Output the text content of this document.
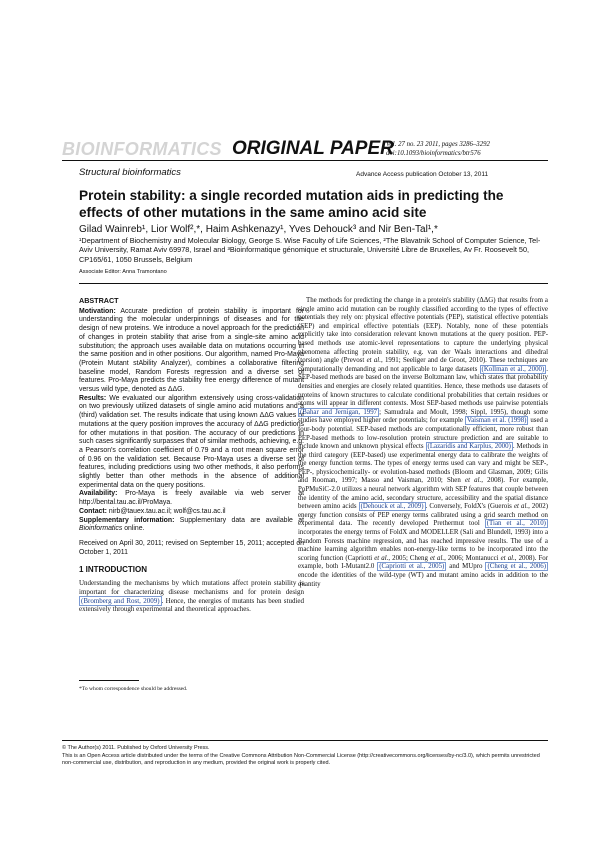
BIOINFORMATICS ORIGINAL PAPER
Vol. 27 no. 23 2011, pages 3286–3292
doi:10.1093/bioinformatics/btr576
Structural bioinformatics	Advance Access publication October 13, 2011
Protein stability: a single recorded mutation aids in predicting the effects of other mutations in the same amino acid site
Gilad Wainreb¹, Lior Wolf²,*, Haim Ashkenazy¹, Yves Dehouck³ and Nir Ben-Tal¹,*
¹Department of Biochemistry and Molecular Biology, George S. Wise Faculty of Life Sciences, ²The Blavatnik School of Computer Science, Tel-Aviv University, Ramat Aviv 69978, Israel and ³Bioinformatique génomique et structurale, Université Libre de Bruxelles, Av Fr. Roosevelt 50, CP165/61, 1050 Brussels, Belgium
Associate Editor: Anna Tramontano

ABSTRACT

Motivation: Accurate prediction of protein stability is important for understanding the molecular underpinnings of diseases and for the design of new proteins. We introduce a novel approach for the prediction of changes in protein stability that arise from a single-site amino acid substitution; the approach uses available data on mutations occurring in the same position and in other positions. Our algorithm, named Pro-Maya (Protein Mutant stAbility Analyzer), combines a collaborative filtering baseline model, Random Forests regression and a diverse set of features. Pro-Maya predicts the stability free energy difference of mutant versus wild type, denoted as ΔΔG.

Results: We evaluated our algorithm extensively using cross-validation on two previously utilized datasets of single amino acid mutations and a (third) validation set. The results indicate that using known ΔΔG values of mutations at the query position improves the accuracy of ΔΔG predictions for other mutations in that position. The accuracy of our predictions in such cases significantly surpasses that of similar methods, achieving, e.g. a Pearson's correlation coefficient of 0.79 and a root mean square error of 0.96 on the validation set. Because Pro-Maya uses a diverse set of features, including predictions using two other methods, it also performs slightly better than other methods in the absence of additional experimental data on the query positions.

Availability: Pro-Maya is freely available via web server at http://bental.tau.ac.il/ProMaya.

Contact: nirb@tauex.tau.ac.il; wolf@cs.tau.ac.il

Supplementary information: Supplementary data are available at Bioinformatics online.

Received on April 30, 2011; revised on September 15, 2011; accepted on October 1, 2011

1 INTRODUCTION

Understanding the mechanisms by which mutations affect protein stability is important for characterizing disease mechanisms and for protein design (Bromberg and Rost, 2009) . Hence, the energies of mutants has been studied extensively through experimental and theoretical approaches.

*To whom correspondence should be addressed.

The methods for predicting the change in a protein's stability (ΔΔG) that results from a single amino acid mutation can be roughly classified according to the types of effective potentials they rely on: physical effective potentials (PEP), statistical effective potentials (SEP) and empirical effective potentials (EEP). Notably, none of these potentials explicitly take into consideration relevant known mutations at the query position. PEP-based methods use atomic-level representations to capture the underlying physical phenomena affecting protein stability, e.g. van der Waals interactions and dihedral (torsion) angle (Prevost et al., 1991; Seeliger and de Groot, 2010). These techniques are computationally demanding and not applicable to large datasets (Kollman et al., 2000) . SEP-based methods are based on the inverse Boltzmann law, which states that probability densities and energies are closely related quantities. Hence, these methods use datasets of proteins of known structures to calculate conditional probabilities that certain residues or atoms will appear in different contexts. Most SEP-based methods use pairwise potentials (Bahar and Jernigan, 1997 ; Samudrala and Moult, 1998; Sippl, 1995), though some studies have employed higher order potentials; for example Vaisman et al. (1998) used a four-body potential. SEP-based methods are computationally efficient, more robust than PEP-based methods to low-resolution protein structure prediction and are suitable to include known and unknown physical effects (Lazaridis and Karplus, 2000) . Methods in the third category (EEP-based) use experimental energy data to calibrate the weights of the energy function terms. The types of energy terms used can vary and might be SEP-, PEP-, physicochemically- or evolution-based methods (Bloom and Glasman, 2009; Gilis and Rooman, 1997; Masso and Vaisman, 2010; Shen et al., 2008). For example, PoPMuSiC-2.0 utilizes a neural network algorithm with SEP features that couple between the identity of the amino acid, secondary structure, accessibility and the spatial distance between amino acids (Dehouck et al., 2009) . Conversely, FoldX's (Guerois et al., 2002) energy function consists of PEP energy terms calibrated using a grid search method on experimental data. The recently developed Prethermut tool (Tian et al., 2010) incorporates the energy terms of FoldX and MODELLER (Sali and Blundell, 1993) into a Random Forests machine regression, and has reached impressive results. The use of a machine learning algorithm enables non-energy-like terms to be incorporated into the scoring function (Capriotti et al., 2005; Cheng et al., 2006; Montanucci et al., 2008). For example, both I-Mutant2.0 (Capriotti et al., 2005) and MUpro (Cheng et al., 2006) encode the identities of the wild-type (WT) and mutant amino acids in addition to the quantity

© The Author(s) 2011. Published by Oxford University Press.
This is an Open Access article distributed under the terms of the Creative Commons Attribution Non-Commercial License (http://creativecommons.org/licenses/by-nc/3.0), which permits unrestricted non-commercial use, distribution, and reproduction in any medium, provided the original work is properly cited.
